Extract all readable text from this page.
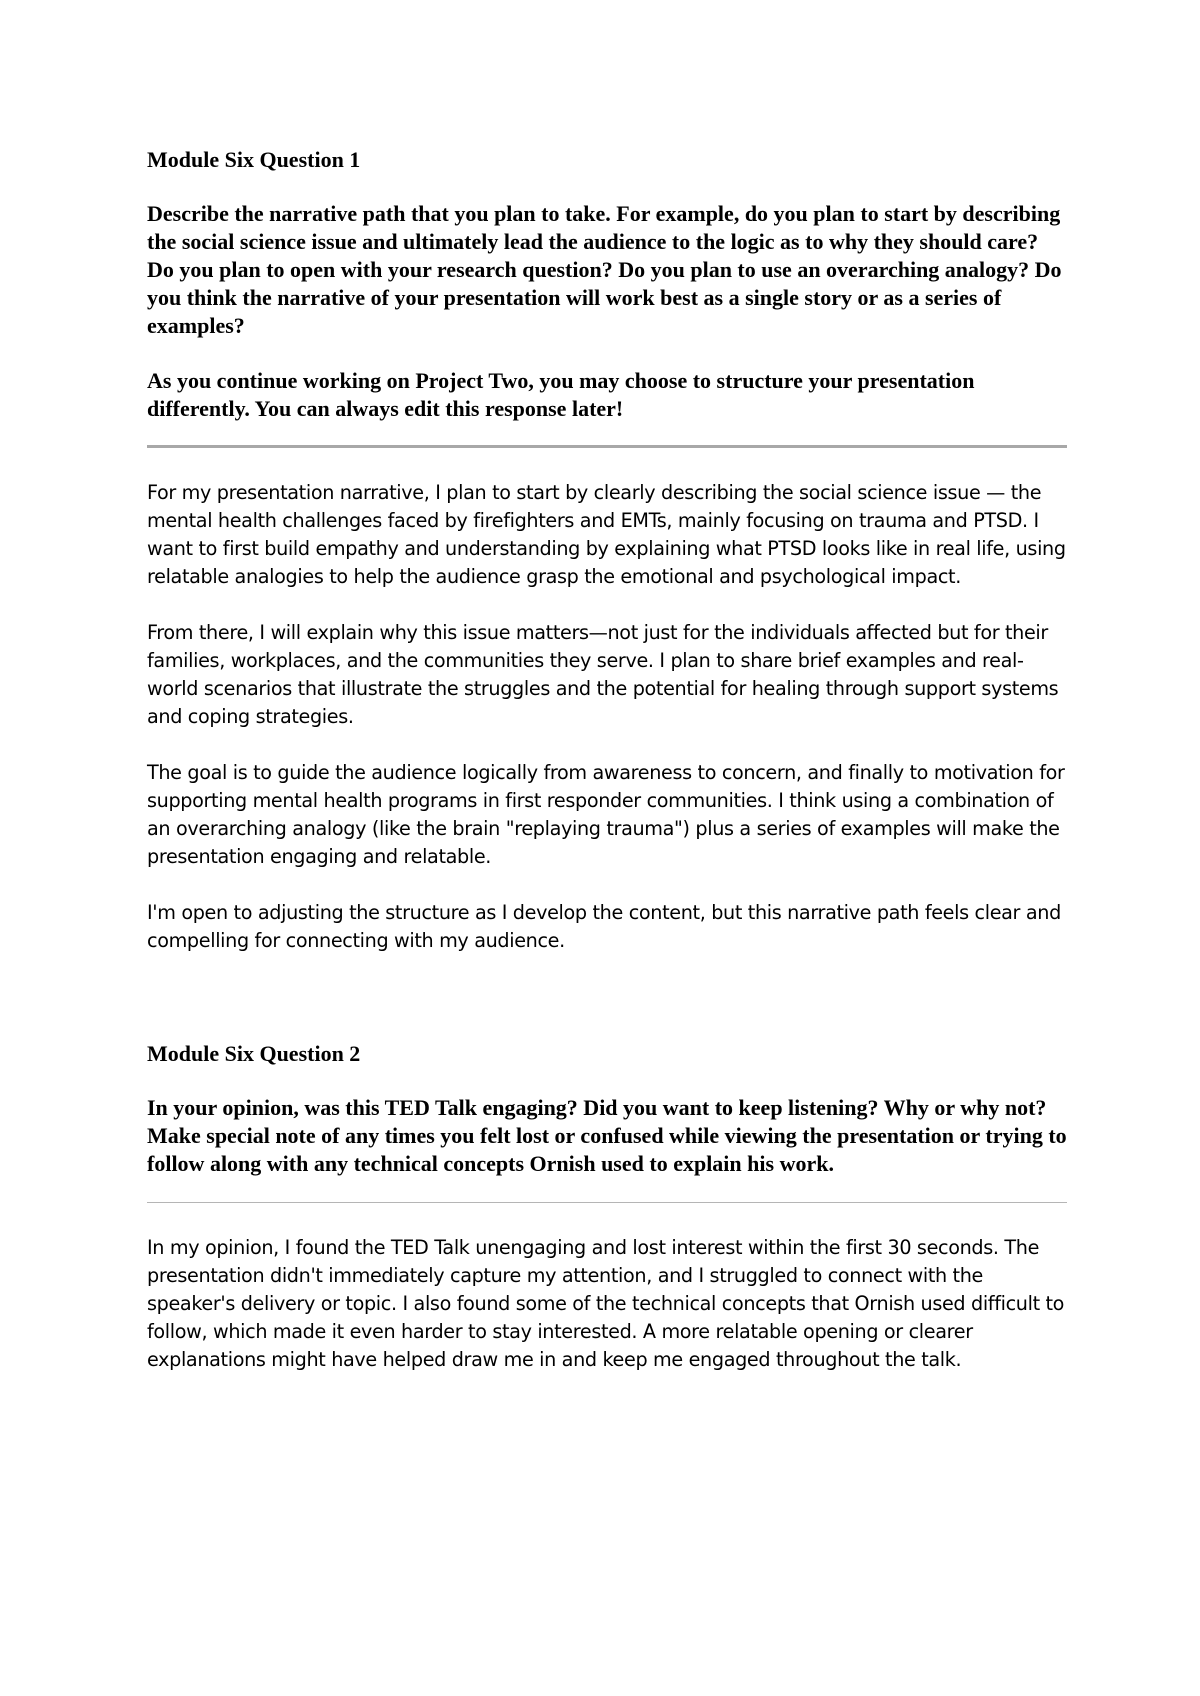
Module Six Question 1

Describe the narrative path that you plan to take. For example, do you plan to start by describing the social science issue and ultimately lead the audience to the logic as to why they should care? Do you plan to open with your research question? Do you plan to use an overarching analogy? Do you think the narrative of your presentation will work best as a single story or as a series of examples?

As you continue working on Project Two, you may choose to structure your presentation differently. You can always edit this response later!

For my presentation narrative, I plan to start by clearly describing the social science issue — the mental health challenges faced by firefighters and EMTs, mainly focusing on trauma and PTSD. I want to first build empathy and understanding by explaining what PTSD looks like in real life, using relatable analogies to help the audience grasp the emotional and psychological impact.

From there, I will explain why this issue matters—not just for the individuals affected but for their families, workplaces, and the communities they serve. I plan to share brief examples and real-world scenarios that illustrate the struggles and the potential for healing through support systems and coping strategies.

The goal is to guide the audience logically from awareness to concern, and finally to motivation for supporting mental health programs in first responder communities. I think using a combination of an overarching analogy (like the brain "replaying trauma") plus a series of examples will make the presentation engaging and relatable.

I'm open to adjusting the structure as I develop the content, but this narrative path feels clear and compelling for connecting with my audience.

Module Six Question 2

In your opinion, was this TED Talk engaging? Did you want to keep listening? Why or why not? Make special note of any times you felt lost or confused while viewing the presentation or trying to follow along with any technical concepts Ornish used to explain his work.

In my opinion, I found the TED Talk unengaging and lost interest within the first 30 seconds. The presentation didn't immediately capture my attention, and I struggled to connect with the speaker's delivery or topic. I also found some of the technical concepts that Ornish used difficult to follow, which made it even harder to stay interested. A more relatable opening or clearer explanations might have helped draw me in and keep me engaged throughout the talk.
